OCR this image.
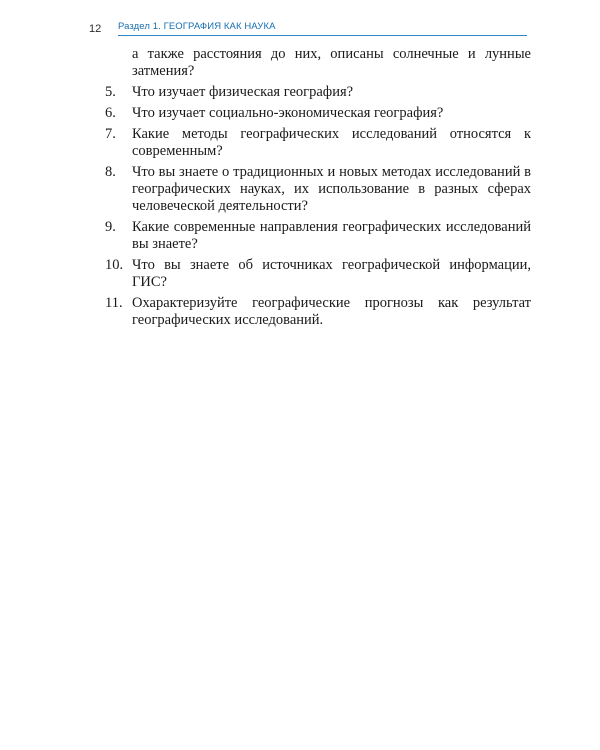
12 Раздел 1. ГЕОГРАФИЯ КАК НАУКА
а также расстояния до них, описаны солнечные и лунные затмения?
5.	Что изучает физическая география?
6.	Что изучает социально-экономическая география?
7.	Какие методы географических исследований относятся к современным?
8.	Что вы знаете о традиционных и новых методах исследований в географических науках, их использование в разных сферах человеческой деятельности?
9.	Какие современные направления географических исследований вы знаете?
10. Что вы знаете об источниках географической информации, ГИС?
11. Охарактеризуйте географические прогнозы как результат географических исследований.
